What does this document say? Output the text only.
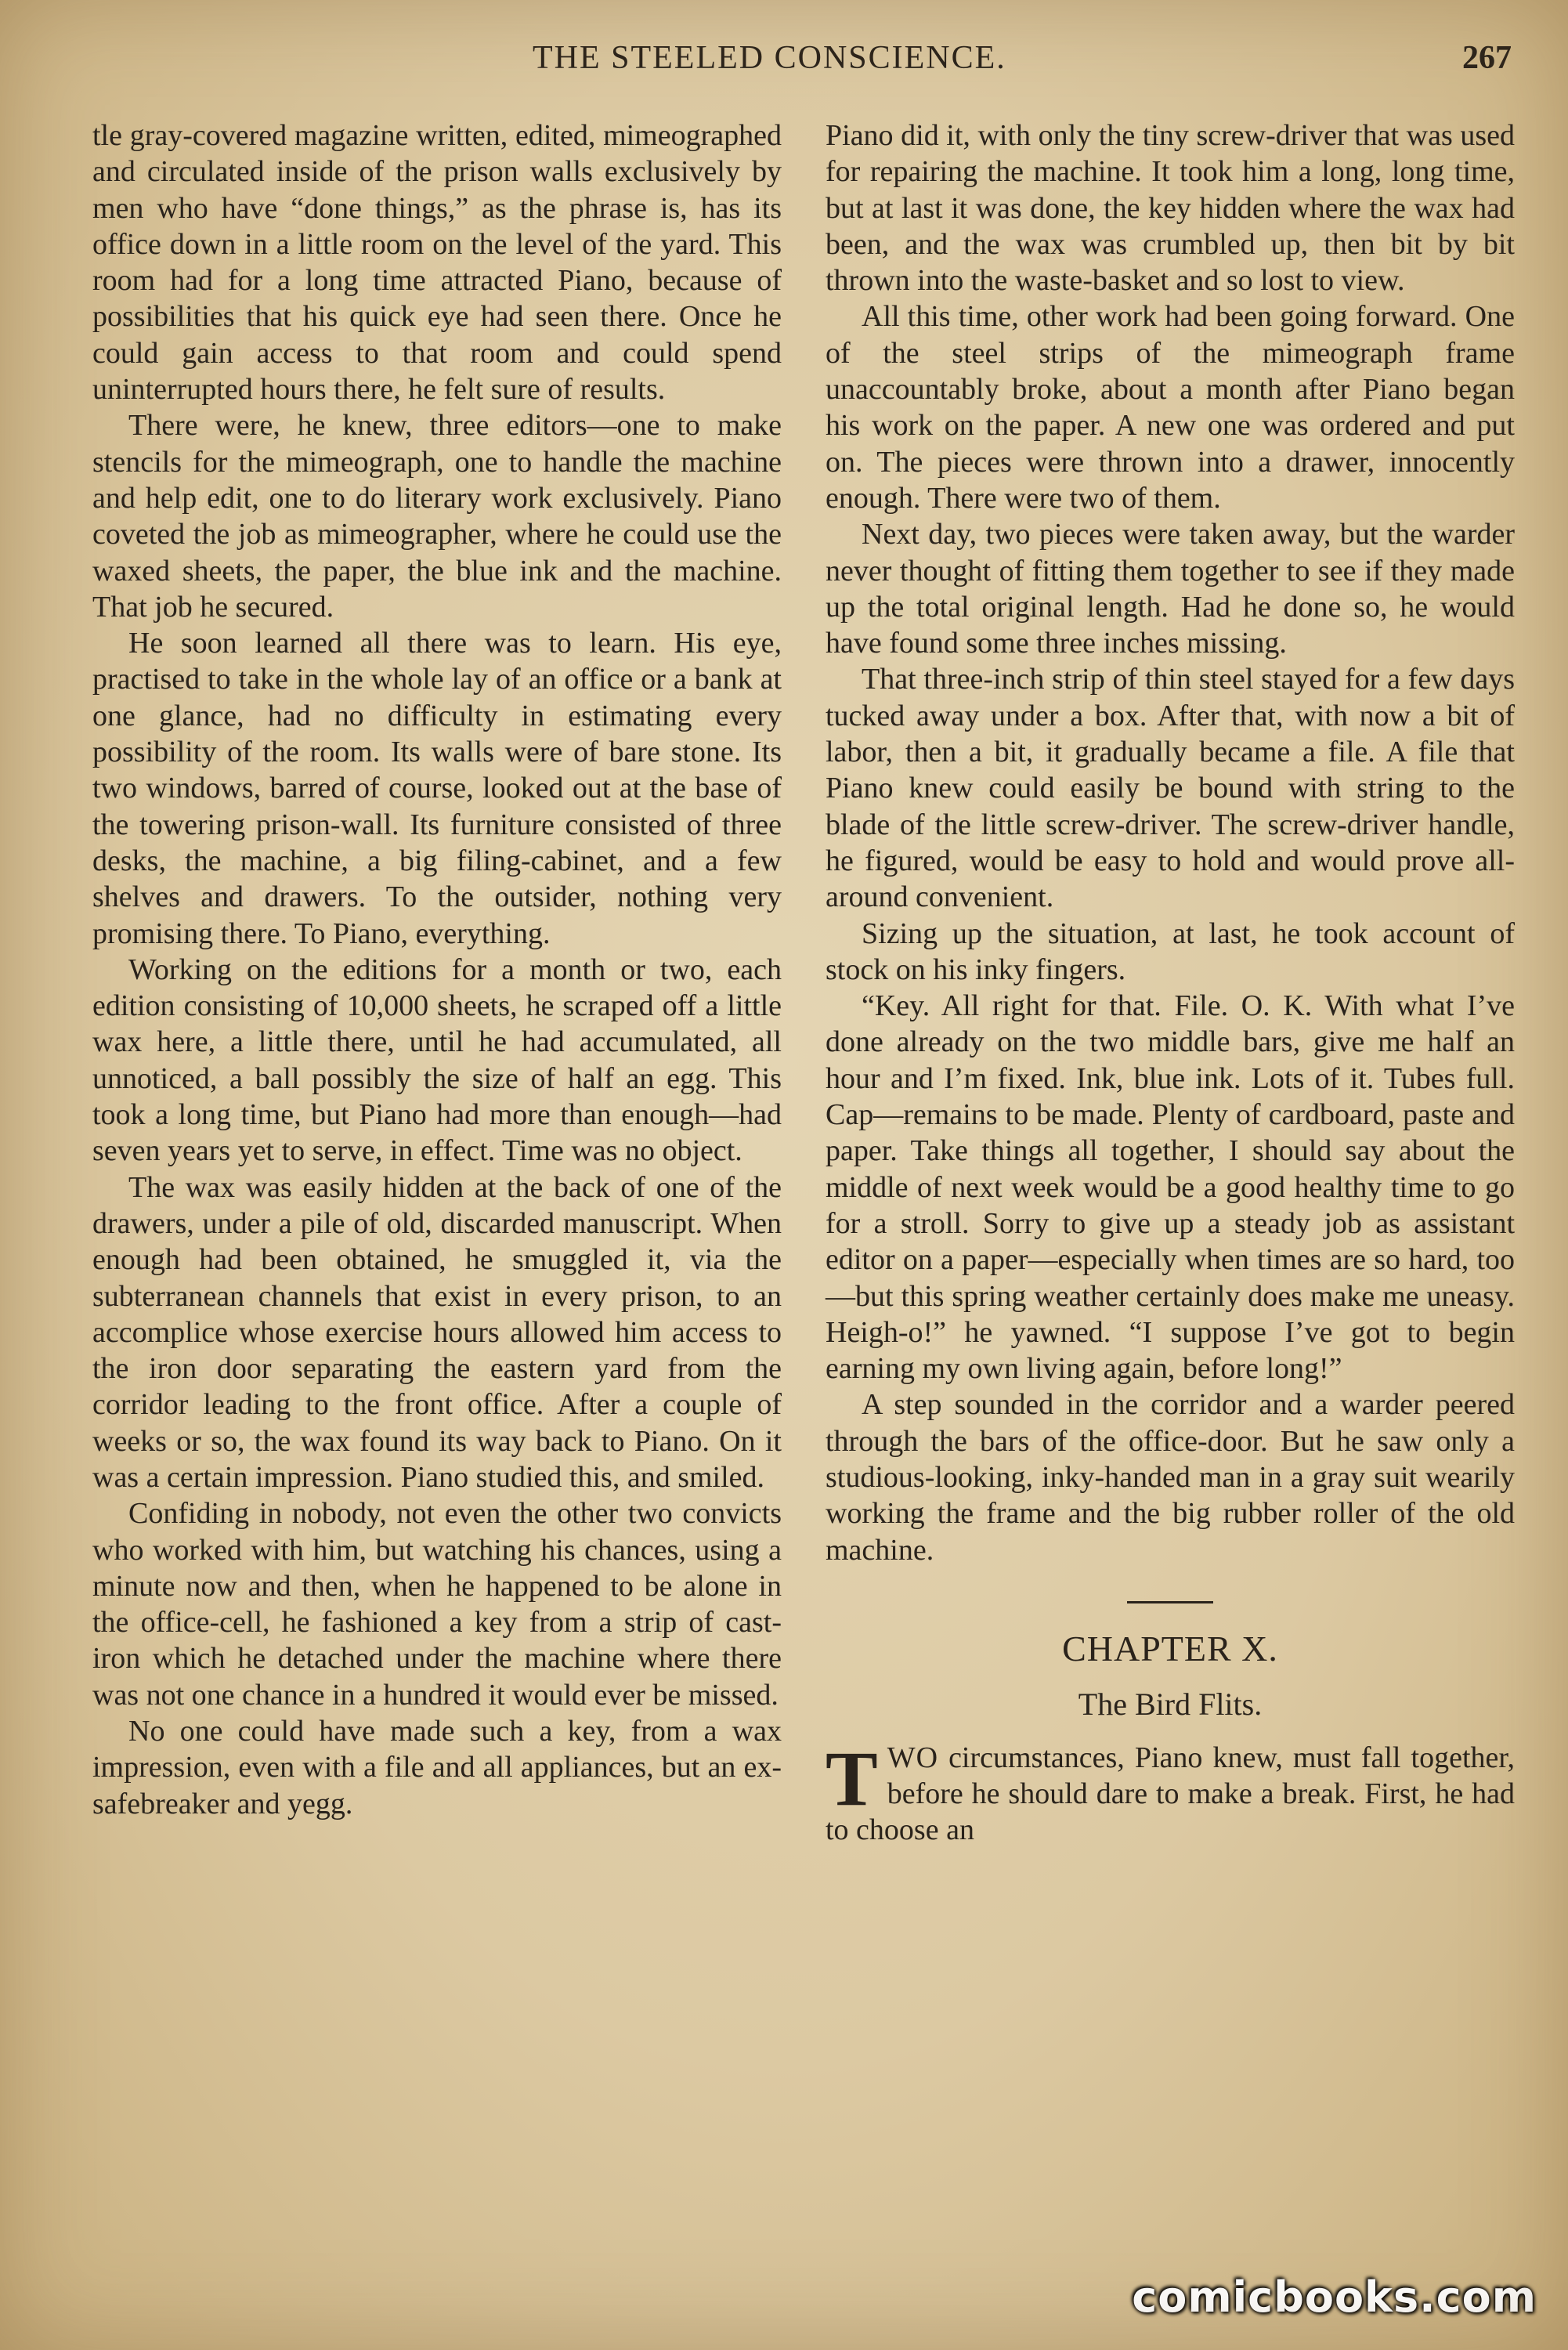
THE STEELED CONSCIENCE.	267

tle gray-covered magazine written, edited, mimeographed and circulated inside of the prison walls exclusively by men who have “done things,” as the phrase is, has its office down in a little room on the level of the yard. This room had for a long time attracted Piano, because of possibilities that his quick eye had seen there. Once he could gain access to that room and could spend uninterrupted hours there, he felt sure of results.

There were, he knew, three editors—one to make stencils for the mimeograph, one to handle the machine and help edit, one to do literary work exclusively. Piano coveted the job as mimeographer, where he could use the waxed sheets, the paper, the blue ink and the machine. That job he secured.

He soon learned all there was to learn. His eye, practised to take in the whole lay of an office or a bank at one glance, had no difficulty in estimating every possibility of the room. Its walls were of bare stone. Its two windows, barred of course, looked out at the base of the towering prison-wall. Its furniture consisted of three desks, the machine, a big filing-cabinet, and a few shelves and drawers. To the outsider, nothing very promising there. To Piano, everything.

Working on the editions for a month or two, each edition consisting of 10,000 sheets, he scraped off a little wax here, a little there, until he had accumulated, all unnoticed, a ball possibly the size of half an egg. This took a long time, but Piano had more than enough—had seven years yet to serve, in effect. Time was no object.

The wax was easily hidden at the back of one of the drawers, under a pile of old, discarded manuscript. When enough had been obtained, he smuggled it, via the subterranean channels that exist in every prison, to an accomplice whose exercise hours allowed him access to the iron door separating the eastern yard from the corridor leading to the front office. After a couple of weeks or so, the wax found its way back to Piano. On it was a certain impression. Piano studied this, and smiled.

Confiding in nobody, not even the other two convicts who worked with him, but watching his chances, using a minute now and then, when he happened to be alone in the office-cell, he fashioned a key from a strip of cast-iron which he detached under the machine where there was not one chance in a hundred it would ever be missed.

No one could have made such a key, from a wax impression, even with a file and all appliances, but an ex-safebreaker and yegg.

Piano did it, with only the tiny screw-driver that was used for repairing the machine. It took him a long, long time, but at last it was done, the key hidden where the wax had been, and the wax was crumbled up, then bit by bit thrown into the waste-basket and so lost to view.

All this time, other work had been going forward. One of the steel strips of the mimeograph frame unaccountably broke, about a month after Piano began his work on the paper. A new one was ordered and put on. The pieces were thrown into a drawer, innocently enough. There were two of them.

Next day, two pieces were taken away, but the warder never thought of fitting them together to see if they made up the total original length. Had he done so, he would have found some three inches missing.

That three-inch strip of thin steel stayed for a few days tucked away under a box. After that, with now a bit of labor, then a bit, it gradually became a file. A file that Piano knew could easily be bound with string to the blade of the little screw-driver. The screw-driver handle, he figured, would be easy to hold and would prove all-around convenient.

Sizing up the situation, at last, he took account of stock on his inky fingers.

“Key. All right for that. File. O. K. With what I’ve done already on the two middle bars, give me half an hour and I’m fixed. Ink, blue ink. Lots of it. Tubes full. Cap—remains to be made. Plenty of cardboard, paste and paper. Take things all together, I should say about the middle of next week would be a good healthy time to go for a stroll. Sorry to give up a steady job as assistant editor on a paper—especially when times are so hard, too—but this spring weather certainly does make me uneasy. Heigh-o!” he yawned. “I suppose I’ve got to begin earning my own living again, before long!”

A step sounded in the corridor and a warder peered through the bars of the office-door. But he saw only a studious-looking, inky-handed man in a gray suit wearily working the frame and the big rubber roller of the old machine.

CHAPTER X.
The Bird Flits.

TWO circumstances, Piano knew, must fall together, before he should dare to make a break. First, he had to choose an

comicbooks.com
